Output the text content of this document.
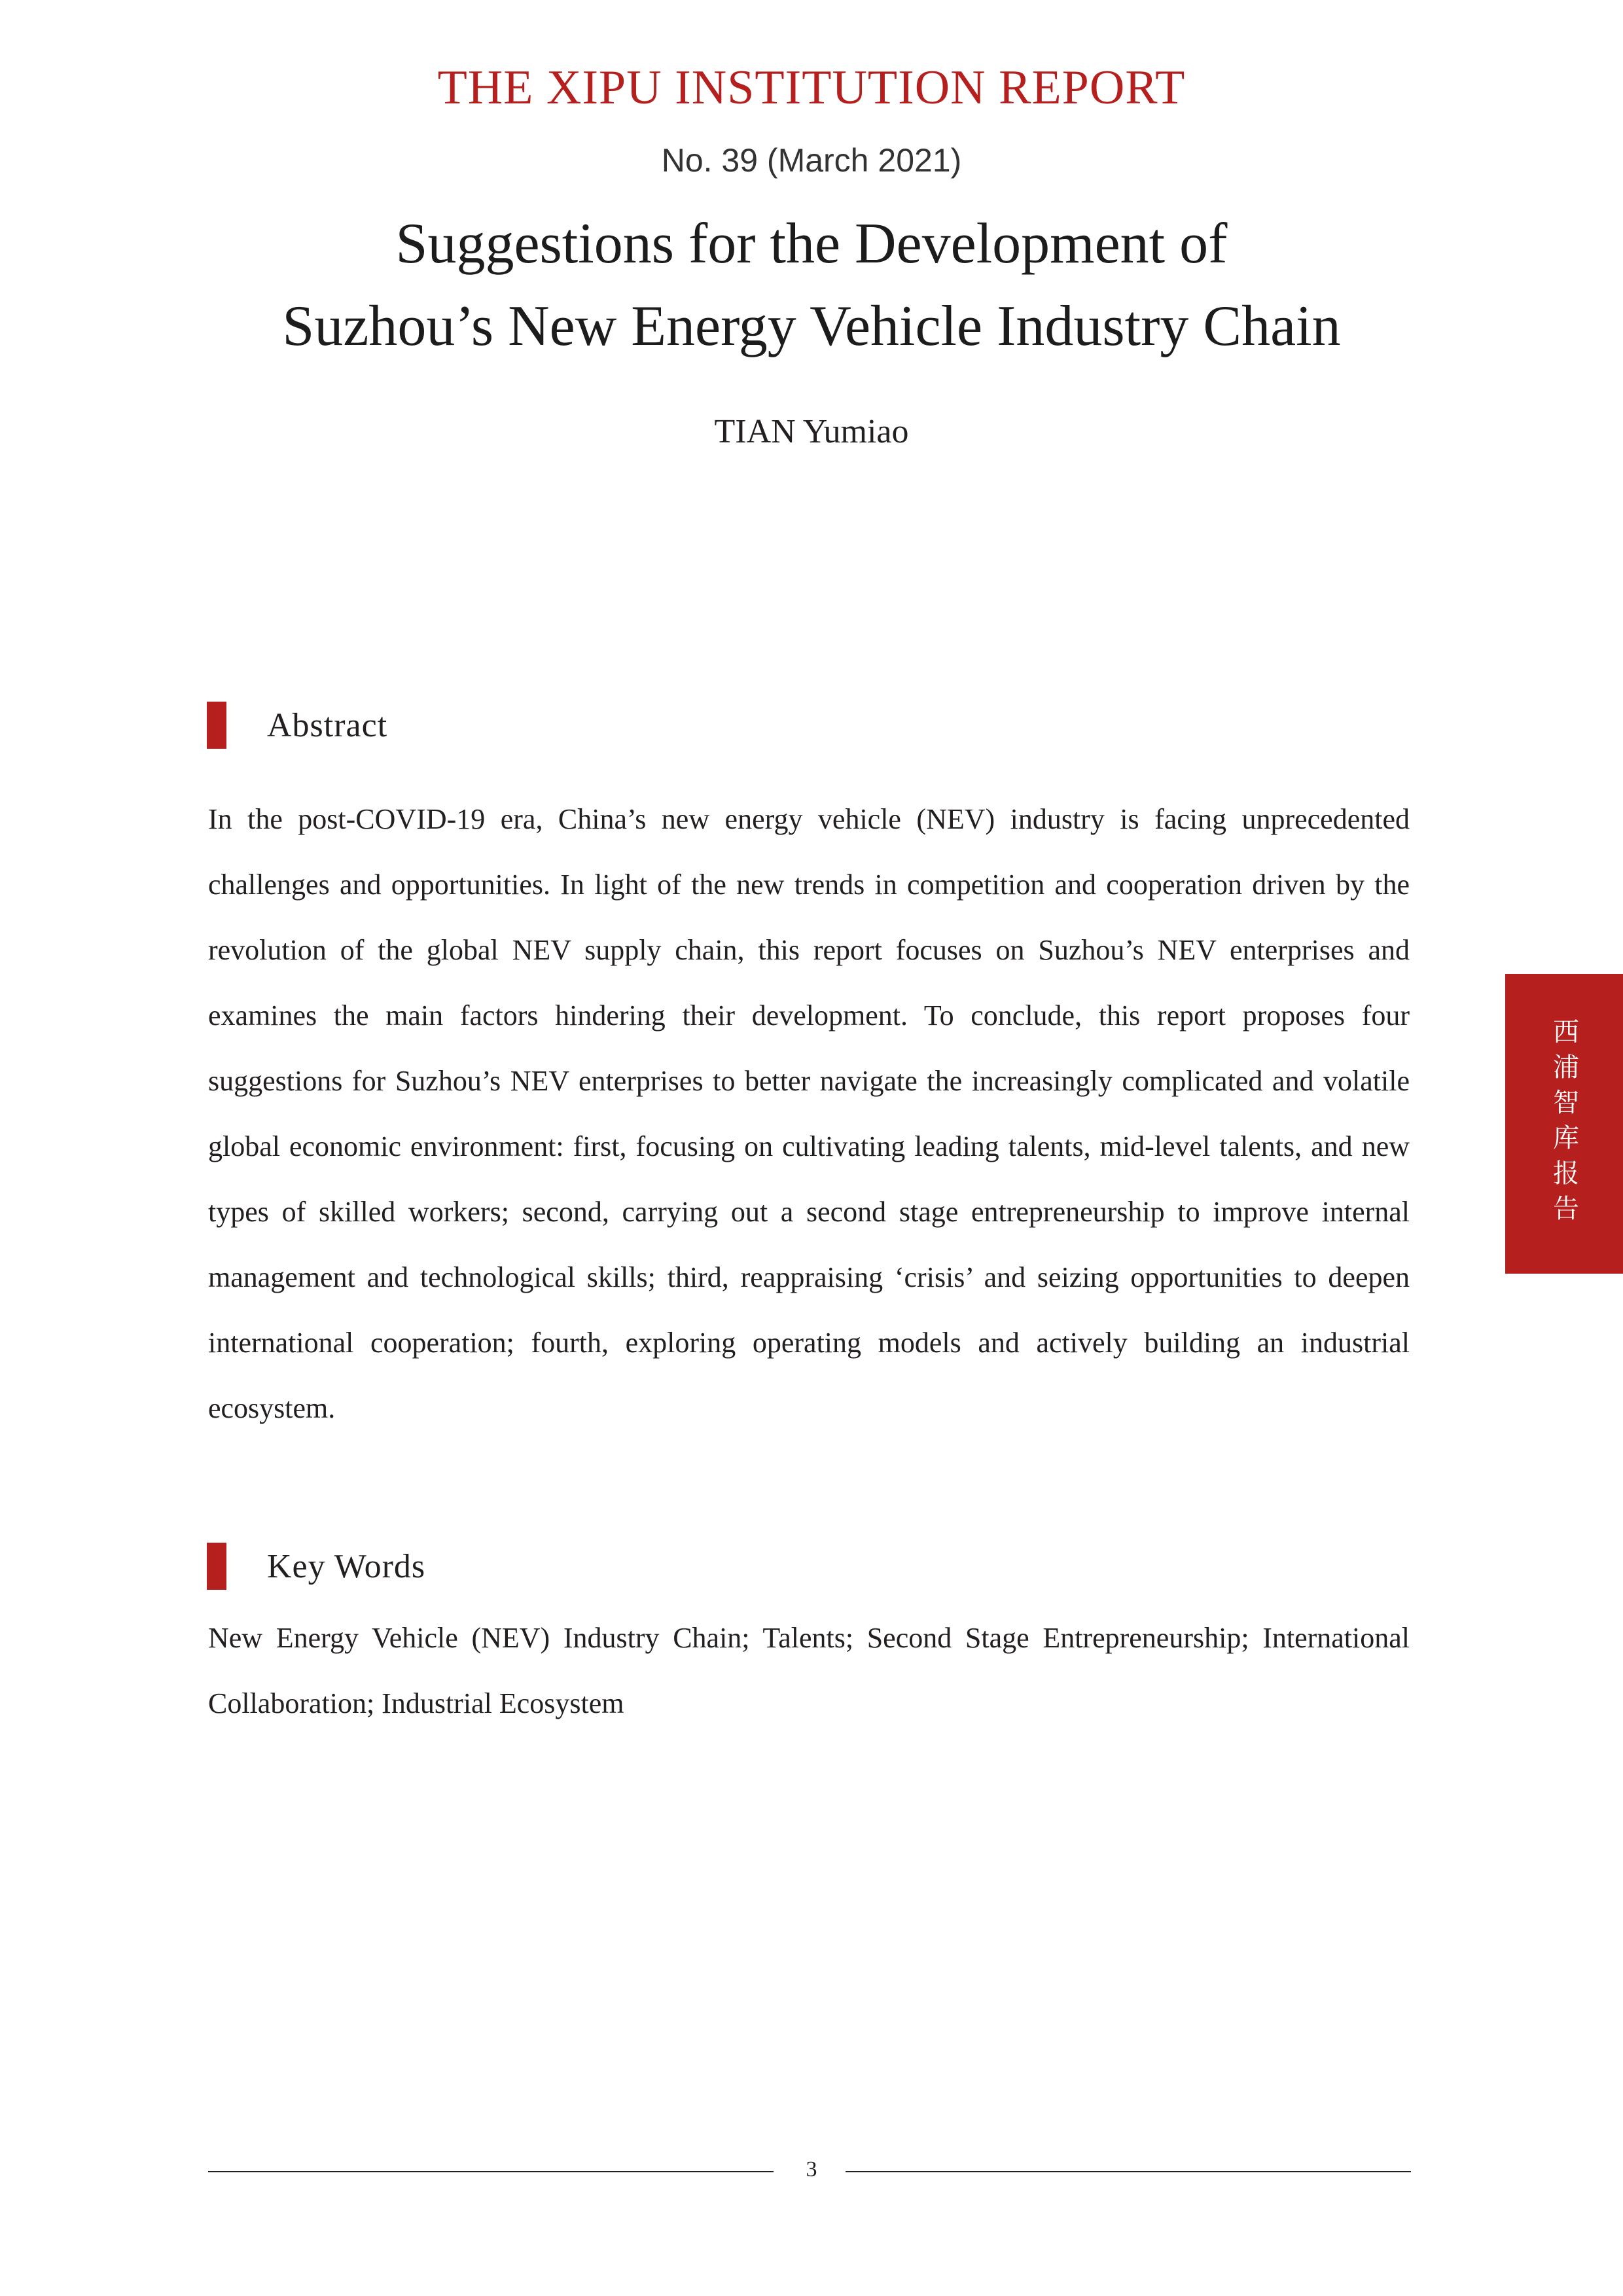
THE XIPU INSTITUTION REPORT
No. 39 (March 2021)
Suggestions for the Development of
Suzhou’s New Energy Vehicle Industry Chain
TIAN Yumiao
Abstract
In the post-COVID-19 era, China’s new energy vehicle (NEV) industry is facing unprecedented challenges and opportunities. In light of the new trends in competition and cooperation driven by the revolution of the global NEV supply chain, this report focuses on Suzhou’s NEV enterprises and examines the main factors hindering their development. To conclude, this report proposes four suggestions for Suzhou’s NEV enterprises to better navigate the increasingly complicated and volatile global economic environment: first, focusing on cultivating leading talents, mid-level talents, and new types of skilled workers; second, carrying out a second stage entrepreneurship to improve internal management and technological skills; third, reappraising ‘crisis’ and seizing opportunities to deepen international cooperation; fourth, exploring operating models and actively building an industrial ecosystem.
Key Words
New Energy Vehicle (NEV) Industry Chain; Talents; Second Stage Entrepreneurship; International Collaboration; Industrial Ecosystem
西浦智库报告
3
